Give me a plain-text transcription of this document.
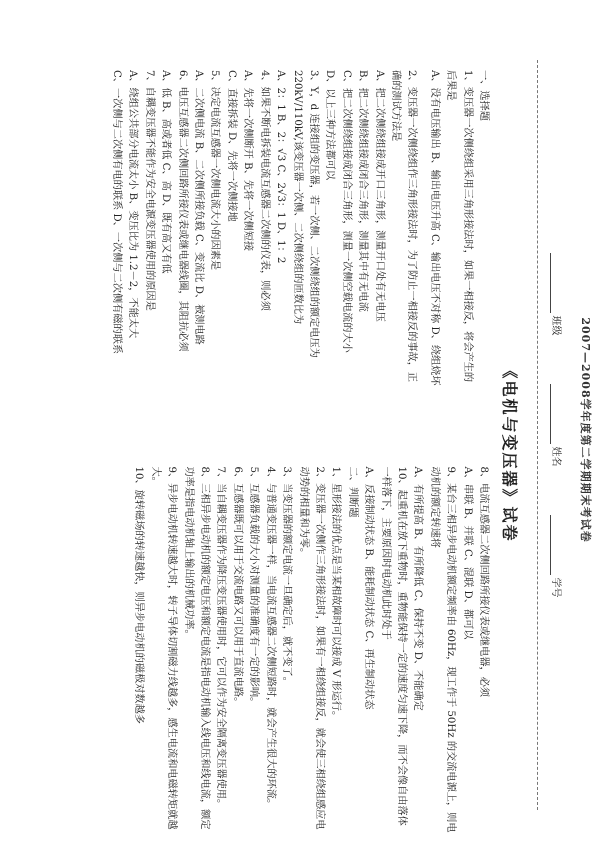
2007—2008学年度第二学期期末考试卷
班级
姓名
学号
《电机与变压器》试卷
一、选择题
1、变压器一次侧绕组采用三角形接法时，如果一相接反，将会产生的
后果是
A、没有电压输出 B、输出电压升高 C、输出电压不对称 D、绕组烧坏
2、变压器一次侧绕组作三角形接法时，为了防止一相接反的事故，正
确的测试方法是
A、把二次侧绕组接成开口三角形，测量开口处有无电压
B、把二次侧绕组接成闭合三角形，测量其中有无电流
C、把二次侧绕组接成闭合三角形，测量一次侧空载电流的大小
D、以上三种方法都可以
3、Y，d 连接组的变压器，若一次侧、二次侧绕组的额定电压为
220kV/110kV,该变压器一次侧、二次侧绕组的匝数比为
A、2：1 B、2：√3 C、2√3：1 D、1：2
4、如果不断电拆装电流互感器二次侧的仪表，则必须
A、先将一次侧断开 B、先将一次侧短接
C、直接拆装 D、先将一次侧接地
5、决定电流互感器一次侧电流大小的因素是
A、二次侧电流 B、二次侧所接负载 C、变流比 D、被测电路
6、电压互感器二次侧回路所接仪表或继电器线圈，其阻抗必须
A、低 B、高或者低 C、高 D、既有高又有低
7、自耦变压器不能作为安全电源变压器使用的原因是
A、绕组公共部分电流太小 B、变压比为 1.2－2，不能太大
C、一次侧与二次侧有电的联系 D、一次侧与二次侧有磁的联系
8、电流互感器二次侧回路所接仪表或继电器，必须
A、串联 B、并联 C、混联 D、都可以
9、某台三相异步电动机额定频率由 60Hz，现工作于 50Hz 的交流电源上，则电
动机的额定转速将
A、有所提高 B、有所降低 C、保持不变 D、不能确定
10、起重机在放下重物时，重物能保持一定的速度匀速下降，而不会像自由落体
一样落下，主要原因时电动机此时处于
A、反接制动状态 B、能耗制动状态 C、再生制动状态
二、判断题
1、星形接法的优点是当某相故障时可以接成 V 形运行。
2、变压器一次侧作三角形接法时，如果有一相绕组接反，就会使三相绕组感应电
动势的相量和为零。
3、当变压器的额定电流一旦确定后，就不变了。
4、与普通变压器一样，当电流互感器二次侧短路时，就会产生很大的环流。
5、互感器负载的大小对测量的准确度有一定的影响。
6、互感器既可以用于交流电路又可以用于直流电路。
7、当自耦变压器作为降压变压器使用时，它可以作为安全隔离变压器使用。
8、三相异步电动机的额定电压和额定电流是指电动机输入线电压和线电流，额定
功率是指电动机轴上输出的机械功率。
9、异步电动机转速越大时，转子导体切割磁力线越多，感生电流和电磁转矩就越大。
10、旋转磁场的转速越快，则异步电动机的磁极对数越多
